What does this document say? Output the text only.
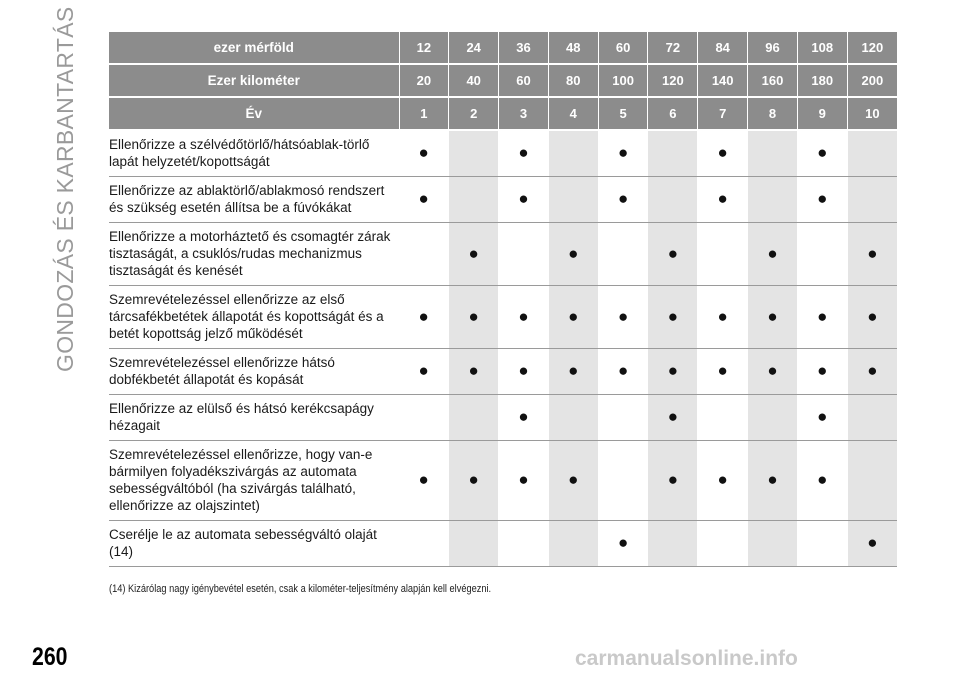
GONDOZÁS ÉS KARBANTARTÁS	ezer mérföld	12	24	36	48	60	72	84	96	108	120
Ezer kilométer	20	40	60	80	100	120	140	160	180	200
Év	1	2	3	4	5	6	7	8	9	10
Ellenőrizze a szélvédőtörlő/hátsóablak-törlő lapát helyzetét/kopottságát	●		●		●		●		●	
Ellenőrizze az ablaktörlő/ablakmosó rendszert és szükség esetén állítsa be a fúvókákat	●		●		●		●		●	
Ellenőrizze a motorháztető és csomagtér zárak tisztaságát, a csuklós/rudas mechanizmus tisztaságát és kenését		●		●		●		●		●
Szemrevételezéssel ellenőrizze az első tárcsafékbetétek állapotát és kopottságát és a betét kopottság jelző működését	●	●	●	●	●	●	●	●	●	●
Szemrevételezéssel ellenőrizze hátsó dobfékbetét állapotát és kopását	●	●	●	●	●	●	●	●	●	●
Ellenőrizze az elülső és hátsó kerékcsapágy hézagait			●			●			●	
Szemrevételezéssel ellenőrizze, hogy van-e bármilyen folyadékszivárgás az automata sebességváltóból (ha szivárgás található, ellenőrizze az olajszintet)	●	●	●	●		●	●	●	●	
Cserélje le az automata sebességváltó olaját (14)					●					●
(14) Kizárólag nagy igénybevétel esetén, csak a kilométer-teljesítmény alapján kell elvégezni.
260	carmanualsonline.info
